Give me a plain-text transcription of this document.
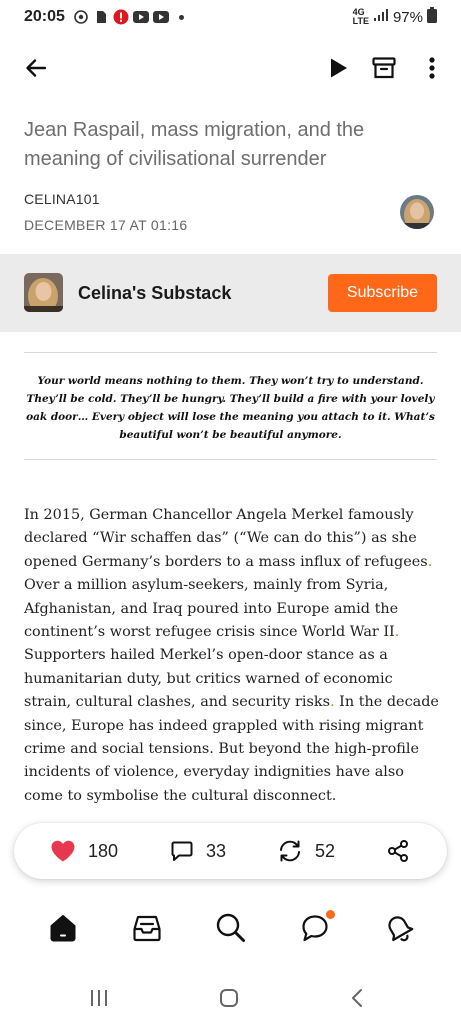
20:05	4G
LTE 97%
Jean Raspail, mass migration, and the meaning of civilisational surrender
CELINA101
DECEMBER 17 AT 01:16
Celina's Substack	Subscribe
Your world means nothing to them. They won’t try to understand. They’ll be cold. They’ll be hungry. They’ll build a fire with your lovely oak door… Every object will lose the meaning you attach to it. What’s beautiful won’t be beautiful anymore.

In 2015, German Chancellor Angela Merkel famously declared “Wir schaffen das” (“We can do this”) as she opened Germany’s borders to a mass influx of refugees. Over a million asylum-seekers, mainly from Syria, Afghanistan, and Iraq poured into Europe amid the continent’s worst refugee crisis since World War II. Supporters hailed Merkel’s open-door stance as a humanitarian duty, but critics warned of economic strain, cultural clashes, and security risks. In the decade since, Europe has indeed grappled with rising migrant crime and social tensions. But beyond the high-profile incidents of violence, everyday indignities have also come to symbolise the cultural disconnect.

180	33	52
